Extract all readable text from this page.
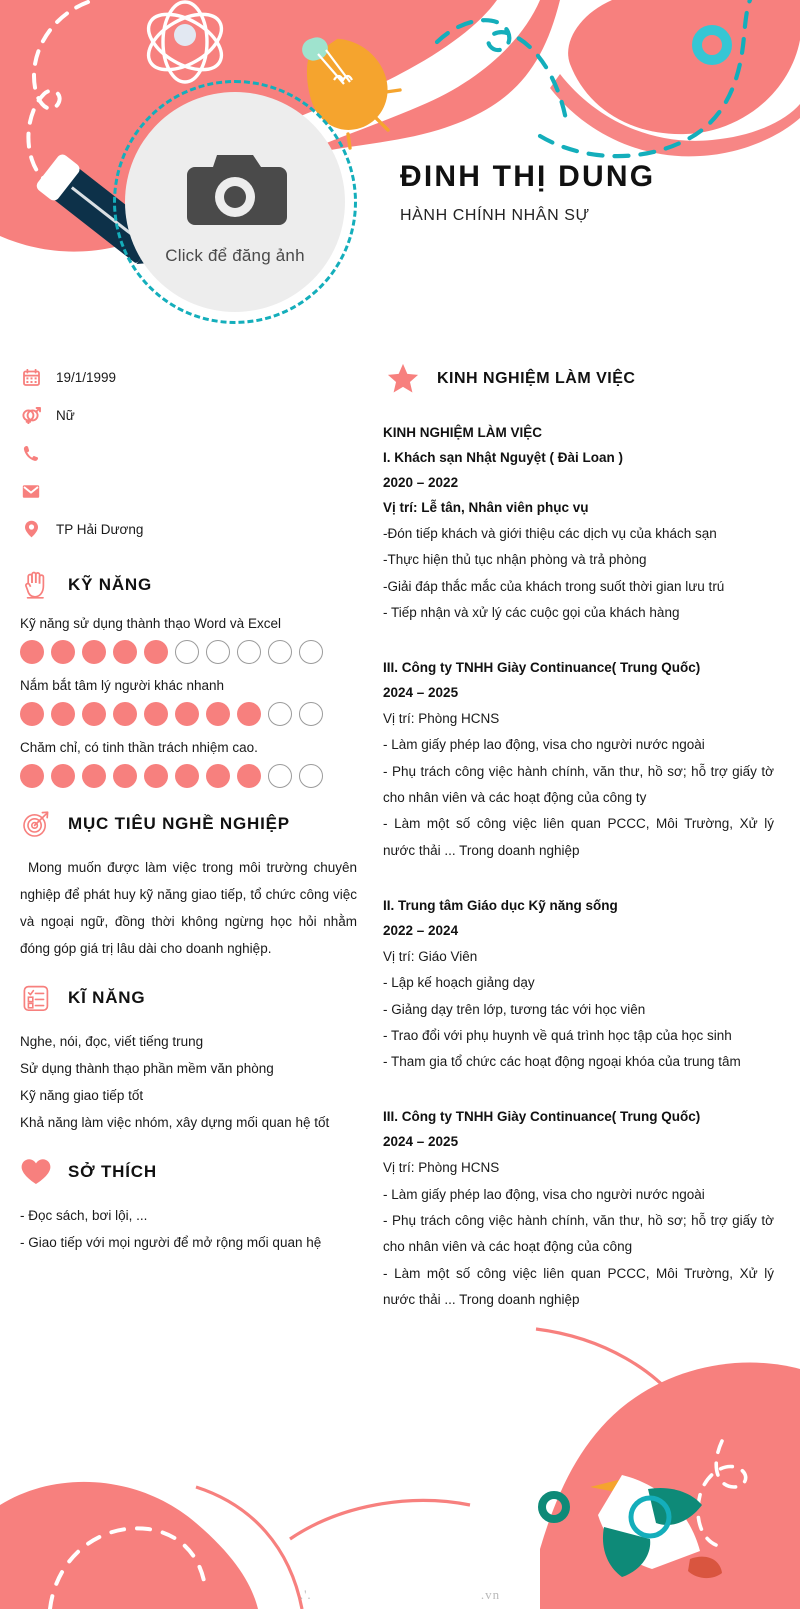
Click để đăng ảnh
ĐINH THỊ DUNG
HÀNH CHÍNH NHÂN SỰ
19/1/1999
Nữ
TP Hải Dương
KỸ NĂNG
Kỹ năng sử dụng thành thạo Word và Excel
Nắm bắt tâm lý người khác nhanh
Chăm chỉ, có tinh thần trách nhiệm cao.
MỤC TIÊU NGHỀ NGHIỆP

Mong muốn được làm việc trong môi trường chuyên nghiệp để phát huy kỹ năng giao tiếp, tổ chức công việc và ngoại ngữ, đồng thời không ngừng học hỏi nhằm đóng góp giá trị lâu dài cho doanh nghiệp.

KĨ NĂNG
Nghe, nói, đọc, viết tiếng trung
Sử dụng thành thạo phần mềm văn phòng
Kỹ năng giao tiếp tốt
Khả năng làm việc nhóm, xây dựng mối quan hệ tốt
SỞ THÍCH
- Đọc sách, bơi lội, ...
- Giao tiếp với mọi người để mở rộng mối quan hệ
KINH NGHIỆM LÀM VIỆC
KINH NGHIỆM LÀM VIỆC
I. Khách sạn Nhật Nguyệt ( Đài Loan )
2020 – 2022
Vị trí: Lễ tân, Nhân viên phục vụ
-Đón tiếp khách và giới thiệu các dịch vụ của khách sạn
-Thực hiện thủ tục nhận phòng và trả phòng
-Giải đáp thắc mắc của khách trong suốt thời gian lưu trú
- Tiếp nhận và xử lý các cuộc gọi của khách hàng
III. Công ty TNHH Giày Continuance( Trung Quốc)
2024 – 2025
Vị trí: Phòng HCNS
- Làm giấy phép lao động, visa cho người nước ngoài
- Phụ trách công việc hành chính, văn thư, hồ sơ; hỗ trợ giấy tờ cho nhân viên và các hoạt động của công ty
- Làm một số công việc liên quan PCCC, Môi Trường, Xử lý nước thải ... Trong doanh nghiệp
II. Trung tâm Giáo dục Kỹ năng sống
2022 – 2024
Vị trí: Giáo Viên
- Lập kế hoạch giảng dạy
- Giảng dạy trên lớp, tương tác với học viên
- Trao đổi với phụ huynh về quá trình học tập của học sinh
- Tham gia tổ chức các hoạt động ngoại khóa của trung tâm
III. Công ty TNHH Giày Continuance( Trung Quốc)
2024 – 2025
Vị trí: Phòng HCNS
- Làm giấy phép lao động, visa cho người nước ngoài
- Phụ trách công việc hành chính, văn thư, hồ sơ; hỗ trợ giấy tờ cho nhân viên và các hoạt động của công
- Làm một số công việc liên quan PCCC, Môi Trường, Xử lý nước thải ... Trong doanh nghiệp
.'.	.vn
